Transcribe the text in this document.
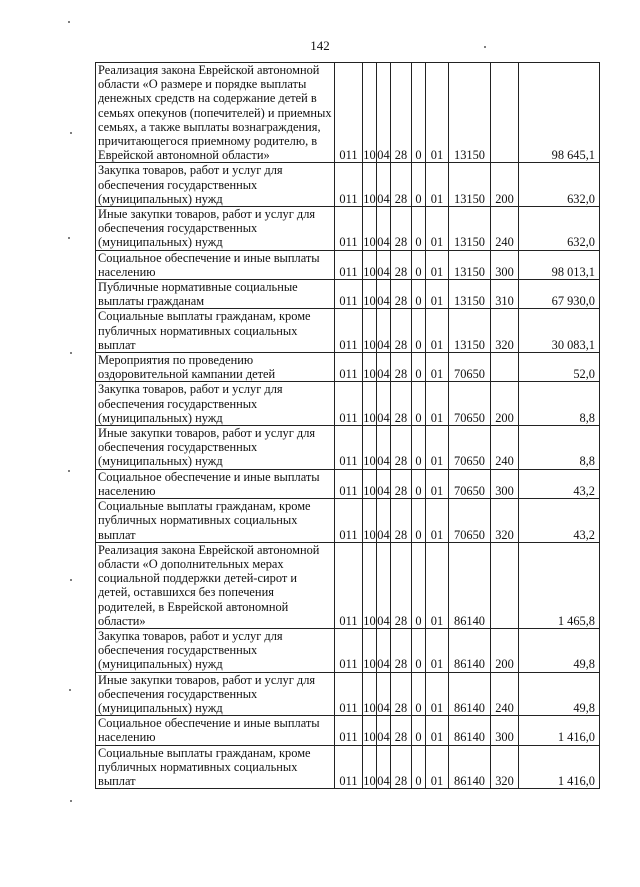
142
Реализация закона Еврейской автономной области «О размере и порядке выплаты денежных средств на содержание детей в семьях опекунов (попечителей) и приемных семьях, а также выплаты вознаграждения, причитающегося приемному родителю, в Еврейской автономной области»	011	10	04	28	0	01	13150		98 645,1
Закупка товаров, работ и услуг для обеспечения государственных (муниципальных) нужд	011	10	04	28	0	01	13150	200	632,0
Иные закупки товаров, работ и услуг для обеспечения государственных (муниципальных) нужд	011	10	04	28	0	01	13150	240	632,0
Социальное обеспечение и иные выплаты населению	011	10	04	28	0	01	13150	300	98 013,1
Публичные нормативные социальные выплаты гражданам	011	10	04	28	0	01	13150	310	67 930,0
Социальные выплаты гражданам, кроме публичных нормативных социальных выплат	011	10	04	28	0	01	13150	320	30 083,1
Мероприятия по проведению оздоровительной кампании детей	011	10	04	28	0	01	70650		52,0
Закупка товаров, работ и услуг для обеспечения государственных (муниципальных) нужд	011	10	04	28	0	01	70650	200	8,8
Иные закупки товаров, работ и услуг для обеспечения государственных (муниципальных) нужд	011	10	04	28	0	01	70650	240	8,8
Социальное обеспечение и иные выплаты населению	011	10	04	28	0	01	70650	300	43,2
Социальные выплаты гражданам, кроме публичных нормативных социальных выплат	011	10	04	28	0	01	70650	320	43,2
Реализация закона Еврейской автономной области «О дополнительных мерах социальной поддержки детей-сирот и детей, оставшихся без попечения родителей, в Еврейской автономной области»	011	10	04	28	0	01	86140		1 465,8
Закупка товаров, работ и услуг для обеспечения государственных (муниципальных) нужд	011	10	04	28	0	01	86140	200	49,8
Иные закупки товаров, работ и услуг для обеспечения государственных (муниципальных) нужд	011	10	04	28	0	01	86140	240	49,8
Социальное обеспечение и иные выплаты населению	011	10	04	28	0	01	86140	300	1 416,0
Социальные выплаты гражданам, кроме публичных нормативных социальных выплат	011	10	04	28	0	01	86140	320	1 416,0
